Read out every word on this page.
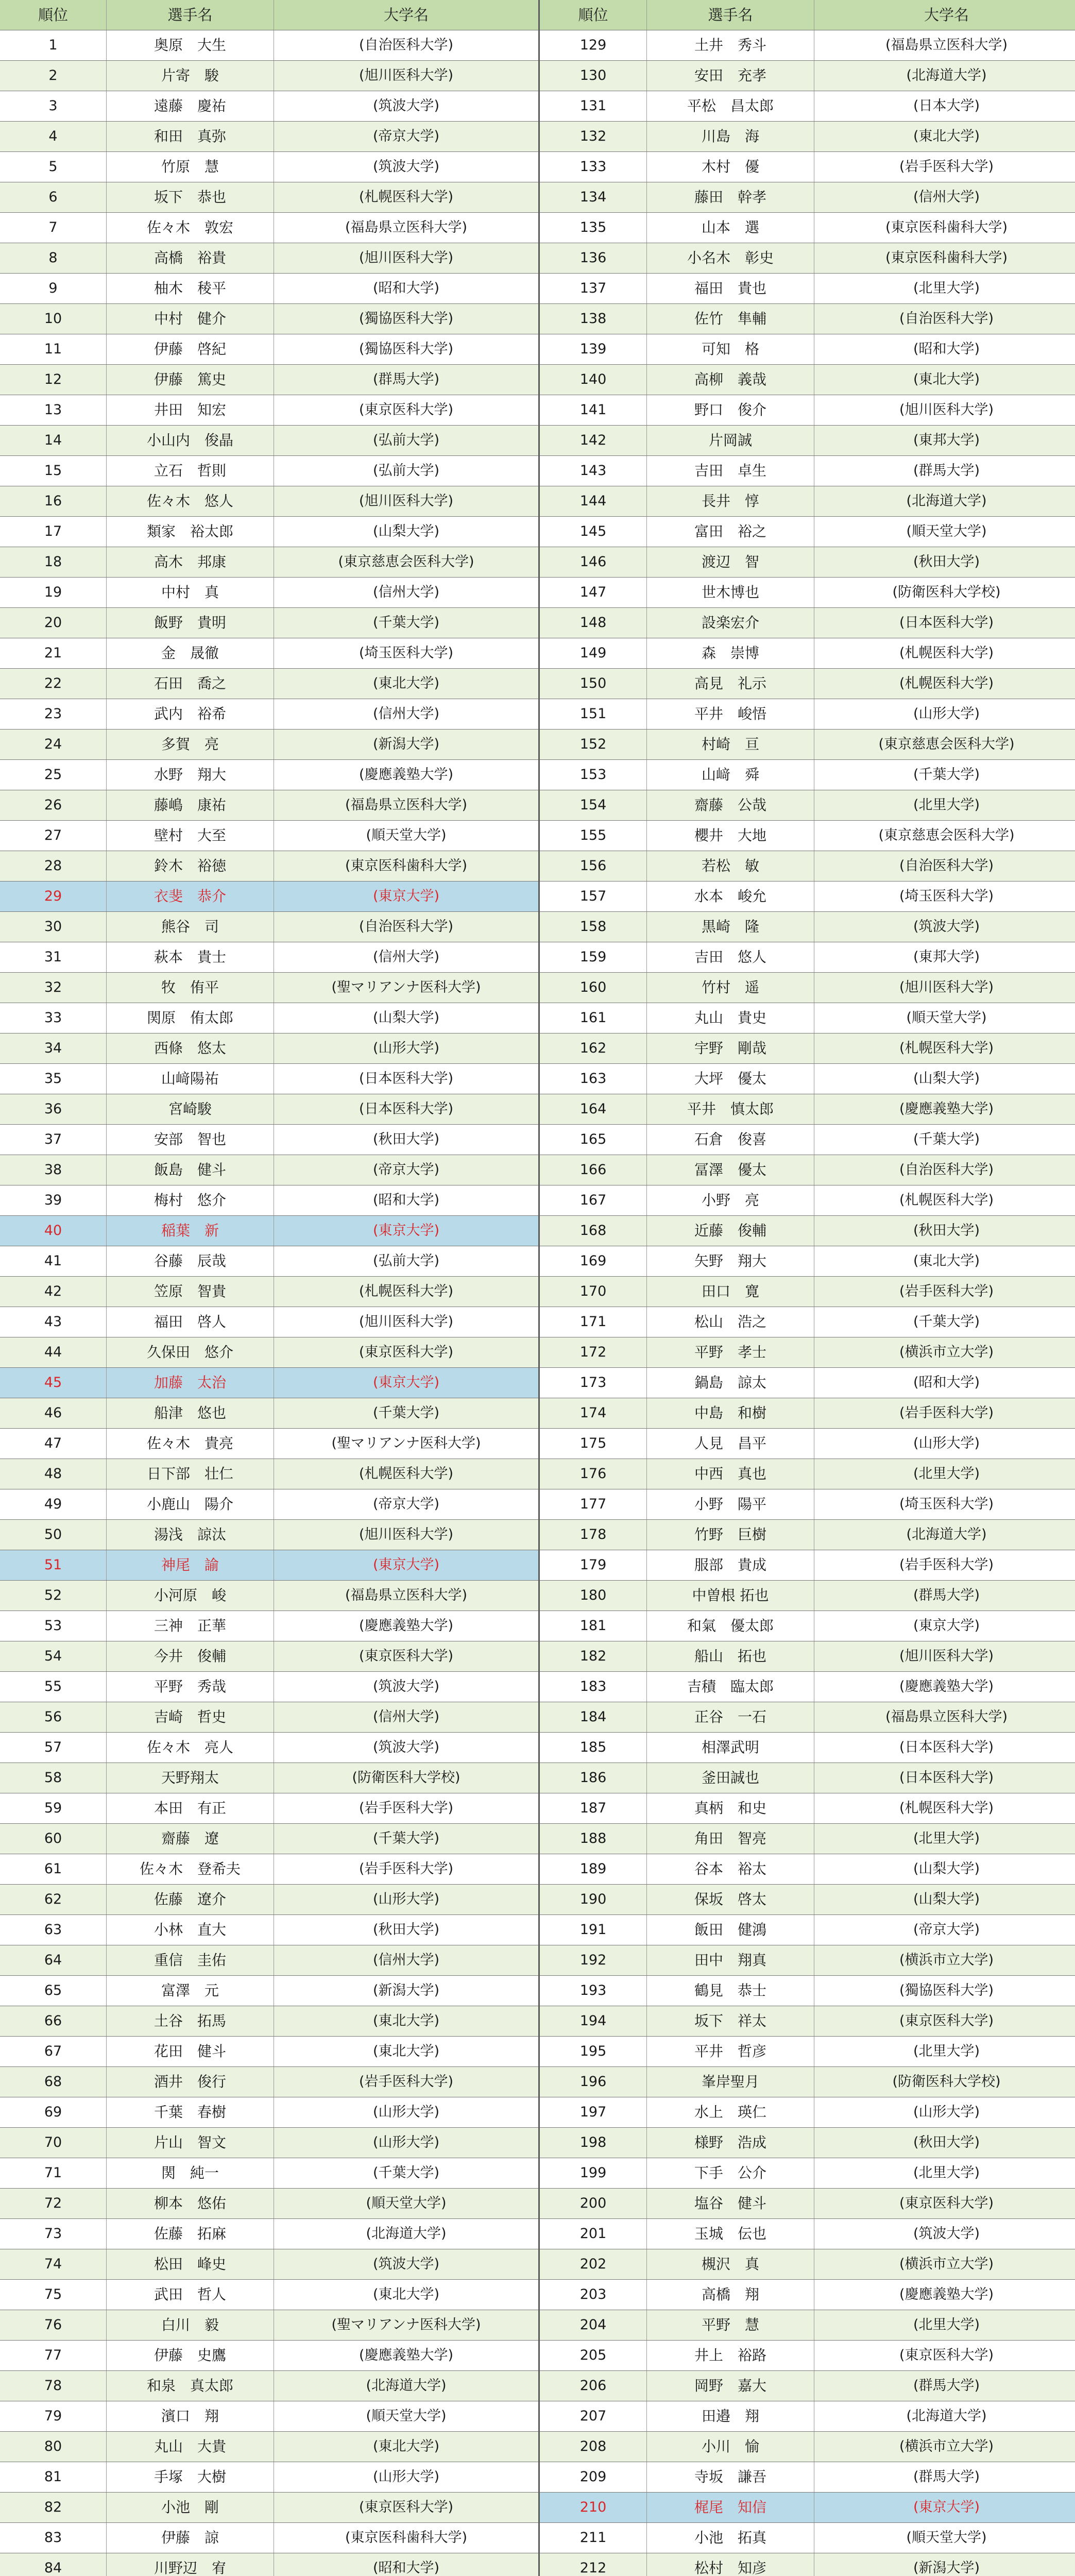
順位	選手名	大学名	順位	選手名	大学名
1	奥原　大生	(自治医科大学)	129	土井　秀斗	(福島県立医科大学)
2	片寄　駿	(旭川医科大学)	130	安田　充孝	(北海道大学)
3	遠藤　慶祐	(筑波大学)	131	平松　昌太郎	(日本大学)
4	和田　真弥	(帝京大学)	132	川島　海	(東北大学)
5	竹原　慧	(筑波大学)	133	木村　優	(岩手医科大学)
6	坂下　恭也	(札幌医科大学)	134	藤田　幹孝	(信州大学)
7	佐々木　敦宏	(福島県立医科大学)	135	山本　選	(東京医科歯科大学)
8	高橋　裕貴	(旭川医科大学)	136	小名木　彰史	(東京医科歯科大学)
9	柚木　稜平	(昭和大学)	137	福田　貴也	(北里大学)
10	中村　健介	(獨協医科大学)	138	佐竹　隼輔	(自治医科大学)
11	伊藤　啓紀	(獨協医科大学)	139	可知　格	(昭和大学)
12	伊藤　篤史	(群馬大学)	140	高柳　義哉	(東北大学)
13	井田　知宏	(東京医科大学)	141	野口　俊介	(旭川医科大学)
14	小山内　俊晶	(弘前大学)	142	片岡誠	(東邦大学)
15	立石　哲則	(弘前大学)	143	吉田　卓生	(群馬大学)
16	佐々木　悠人	(旭川医科大学)	144	長井　惇	(北海道大学)
17	類家　裕太郎	(山梨大学)	145	富田　裕之	(順天堂大学)
18	高木　邦康	(東京慈恵会医科大学)	146	渡辺　智	(秋田大学)
19	中村　真	(信州大学)	147	世木博也	(防衛医科大学校)
20	飯野　貴明	(千葉大学)	148	設楽宏介	(日本医科大学)
21	金　晟徹	(埼玉医科大学)	149	森　崇博	(札幌医科大学)
22	石田　喬之	(東北大学)	150	高見　礼示	(札幌医科大学)
23	武内　裕希	(信州大学)	151	平井　峻悟	(山形大学)
24	多賀　亮	(新潟大学)	152	村崎　亘	(東京慈恵会医科大学)
25	水野　翔大	(慶應義塾大学)	153	山﨑　舜	(千葉大学)
26	藤嶋　康祐	(福島県立医科大学)	154	齋藤　公哉	(北里大学)
27	壁村　大至	(順天堂大学)	155	櫻井　大地	(東京慈恵会医科大学)
28	鈴木　裕徳	(東京医科歯科大学)	156	若松　敏	(自治医科大学)
29	衣斐　恭介	(東京大学)	157	水本　峻允	(埼玉医科大学)
30	熊谷　司	(自治医科大学)	158	黒崎　隆	(筑波大学)
31	萩本　貴士	(信州大学)	159	吉田　悠人	(東邦大学)
32	牧　侑平	(聖マリアンナ医科大学)	160	竹村　遥	(旭川医科大学)
33	関原　侑太郎	(山梨大学)	161	丸山　貴史	(順天堂大学)
34	西條　悠太	(山形大学)	162	宇野　剛哉	(札幌医科大学)
35	山﨑陽祐	(日本医科大学)	163	大坪　優太	(山梨大学)
36	宮崎駿	(日本医科大学)	164	平井　慎太郎	(慶應義塾大学)
37	安部　智也	(秋田大学)	165	石倉　俊喜	(千葉大学)
38	飯島　健斗	(帝京大学)	166	冨澤　優太	(自治医科大学)
39	梅村　悠介	(昭和大学)	167	小野　亮	(札幌医科大学)
40	稲葉　新	(東京大学)	168	近藤　俊輔	(秋田大学)
41	谷藤　辰哉	(弘前大学)	169	矢野　翔大	(東北大学)
42	笠原　智貴	(札幌医科大学)	170	田口　寛	(岩手医科大学)
43	福田　啓人	(旭川医科大学)	171	松山　浩之	(千葉大学)
44	久保田　悠介	(東京医科大学)	172	平野　孝士	(横浜市立大学)
45	加藤　太治	(東京大学)	173	鍋島　諒太	(昭和大学)
46	船津　悠也	(千葉大学)	174	中島　和樹	(岩手医科大学)
47	佐々木　貴亮	(聖マリアンナ医科大学)	175	人見　昌平	(山形大学)
48	日下部　壮仁	(札幌医科大学)	176	中西　真也	(北里大学)
49	小鹿山　陽介	(帝京大学)	177	小野　陽平	(埼玉医科大学)
50	湯浅　諒汰	(旭川医科大学)	178	竹野　巨樹	(北海道大学)
51	神尾　諭	(東京大学)	179	服部　貴成	(岩手医科大学)
52	小河原　峻	(福島県立医科大学)	180	中曽根 拓也	(群馬大学)
53	三神　正華	(慶應義塾大学)	181	和氣　優太郎	(東京大学)
54	今井　俊輔	(東京医科大学)	182	船山　拓也	(旭川医科大学)
55	平野　秀哉	(筑波大学)	183	吉積　臨太郎	(慶應義塾大学)
56	吉崎　哲史	(信州大学)	184	正谷　一石	(福島県立医科大学)
57	佐々木　亮人	(筑波大学)	185	相澤武明	(日本医科大学)
58	天野翔太	(防衛医科大学校)	186	釜田誠也	(日本医科大学)
59	本田　有正	(岩手医科大学)	187	真柄　和史	(札幌医科大学)
60	齋藤　遼	(千葉大学)	188	角田　智亮	(北里大学)
61	佐々木　登希夫	(岩手医科大学)	189	谷本　裕太	(山梨大学)
62	佐藤　遼介	(山形大学)	190	保坂　啓太	(山梨大学)
63	小林　直大	(秋田大学)	191	飯田　健鴻	(帝京大学)
64	重信　圭佑	(信州大学)	192	田中　翔真	(横浜市立大学)
65	富澤　元	(新潟大学)	193	鶴見　恭士	(獨協医科大学)
66	土谷　拓馬	(東北大学)	194	坂下　祥太	(東京医科大学)
67	花田　健斗	(東北大学)	195	平井　哲彦	(北里大学)
68	酒井　俊行	(岩手医科大学)	196	峯岸聖月	(防衛医科大学校)
69	千葉　春樹	(山形大学)	197	水上　瑛仁	(山形大学)
70	片山　智文	(山形大学)	198	様野　浩成	(秋田大学)
71	関　純一	(千葉大学)	199	下手　公介	(北里大学)
72	柳本　悠佑	(順天堂大学)	200	塩谷　健斗	(東京医科大学)
73	佐藤　拓麻	(北海道大学)	201	玉城　伝也	(筑波大学)
74	松田　峰史	(筑波大学)	202	槻沢　真	(横浜市立大学)
75	武田　哲人	(東北大学)	203	高橋　翔	(慶應義塾大学)
76	白川　毅	(聖マリアンナ医科大学)	204	平野　慧	(北里大学)
77	伊藤　史鷹	(慶應義塾大学)	205	井上　裕路	(東京医科大学)
78	和泉　真太郎	(北海道大学)	206	岡野　嘉大	(群馬大学)
79	濱口　翔	(順天堂大学)	207	田邉　翔	(北海道大学)
80	丸山　大貴	(東北大学)	208	小川　愉	(横浜市立大学)
81	手塚　大樹	(山形大学)	209	寺坂　謙吾	(群馬大学)
82	小池　剛	(東京医科大学)	210	梶尾　知信	(東京大学)
83	伊藤　諒	(東京医科歯科大学)	211	小池　拓真	(順天堂大学)
84	川野辺　宥	(昭和大学)	212	松村　知彦	(新潟大学)
